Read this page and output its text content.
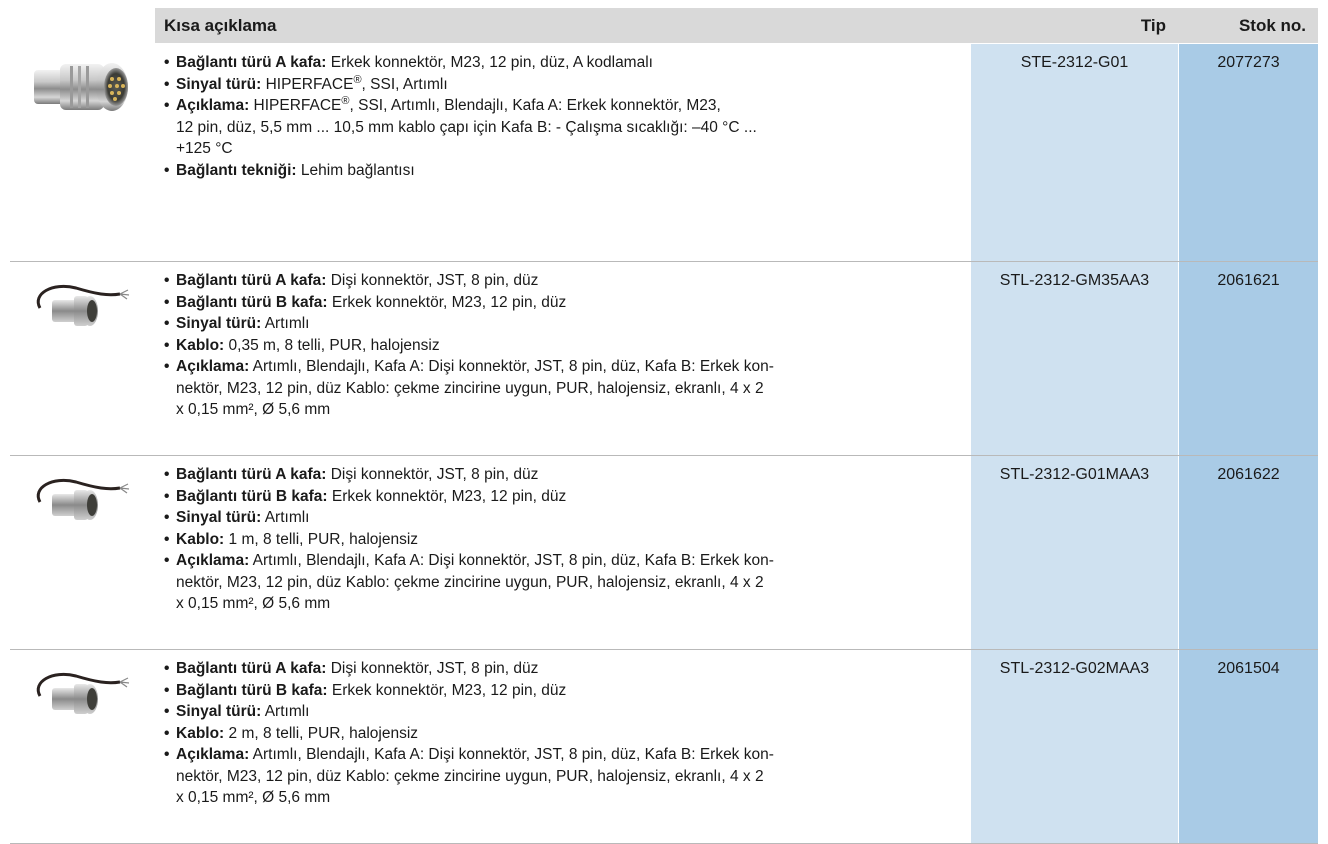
Kısa açıklama	Tip	Stok no.
• Bağlantı türü A kafa: Erkek konnektör, M23, 12 pin, düz, A kodlamalı
• Sinyal türü: HIPERFACE®, SSI, Artımlı
• Açıklama: HIPERFACE®, SSI, Artımlı, Blendajlı, Kafa A: Erkek konnektör, M23,
12 pin, düz, 5,5 mm ... 10,5 mm kablo çapı için Kafa B: - Çalışma sıcaklığı: –40 °C ...
+125 °C
• Bağlantı tekniği: Lehim bağlantısı
STE-2312-G01	2077273
• Bağlantı türü A kafa: Dişi konnektör, JST, 8 pin, düz
• Bağlantı türü B kafa: Erkek konnektör, M23, 12 pin, düz
• Sinyal türü: Artımlı
• Kablo: 0,35 m, 8 telli, PUR, halojensiz
• Açıklama: Artımlı, Blendajlı, Kafa A: Dişi konnektör, JST, 8 pin, düz, Kafa B: Erkek kon-
nektör, M23, 12 pin, düz Kablo: çekme zincirine uygun, PUR, halojensiz, ekranlı, 4 x 2
x 0,15 mm², Ø 5,6 mm
STL-2312-GM35AA3	2061621
• Bağlantı türü A kafa: Dişi konnektör, JST, 8 pin, düz
• Bağlantı türü B kafa: Erkek konnektör, M23, 12 pin, düz
• Sinyal türü: Artımlı
• Kablo: 1 m, 8 telli, PUR, halojensiz
• Açıklama: Artımlı, Blendajlı, Kafa A: Dişi konnektör, JST, 8 pin, düz, Kafa B: Erkek kon-
nektör, M23, 12 pin, düz Kablo: çekme zincirine uygun, PUR, halojensiz, ekranlı, 4 x 2
x 0,15 mm², Ø 5,6 mm
STL-2312-G01MAA3	2061622
• Bağlantı türü A kafa: Dişi konnektör, JST, 8 pin, düz
• Bağlantı türü B kafa: Erkek konnektör, M23, 12 pin, düz
• Sinyal türü: Artımlı
• Kablo: 2 m, 8 telli, PUR, halojensiz
• Açıklama: Artımlı, Blendajlı, Kafa A: Dişi konnektör, JST, 8 pin, düz, Kafa B: Erkek kon-
nektör, M23, 12 pin, düz Kablo: çekme zincirine uygun, PUR, halojensiz, ekranlı, 4 x 2
x 0,15 mm², Ø 5,6 mm
STL-2312-G02MAA3	2061504
